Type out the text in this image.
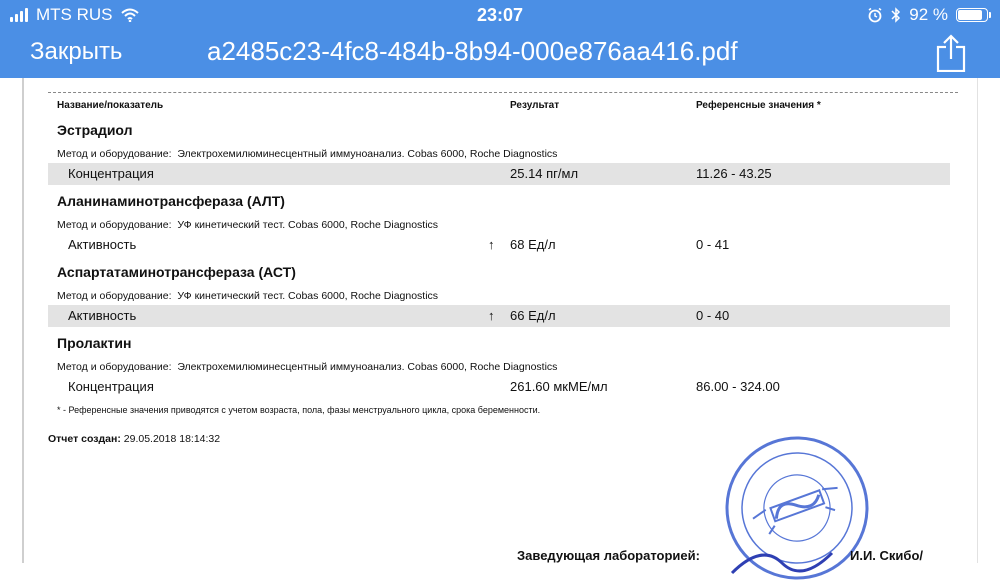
MTS RUS	23:07	92 %
Закрыть	a2485c23-4fc8-484b-8b94-000e876aa416.pdf
Название/показатель	Результат	Референсные значения *
Эстрадиол
Метод и оборудование: Электрохемилюминесцентный иммуноанализ. Cobas 6000, Roche Diagnostics
Концентрация	25.14 пг/мл	11.26 - 43.25
Аланинаминотрансфераза (АЛТ)
Метод и оборудование: УФ кинетический тест. Cobas 6000, Roche Diagnostics
Активность	↑ 68 Ед/л	0 - 41
Аспартатаминотрансфераза (АСТ)
Метод и оборудование: УФ кинетический тест. Cobas 6000, Roche Diagnostics
Активность	↑ 66 Ед/л	0 - 40
Пролактин
Метод и оборудование: Электрохемилюминесцентный иммуноанализ. Cobas 6000, Roche Diagnostics
Концентрация	261.60 мкМЕ/мл	86.00 - 324.00
* - Референсные значения приводятся с учетом возраста, пола, фазы менструального цикла, срока беременности.
Отчет создан: 29.05.2018 18:14:32
Заведующая лабораторией:	И.И. Скибо/
